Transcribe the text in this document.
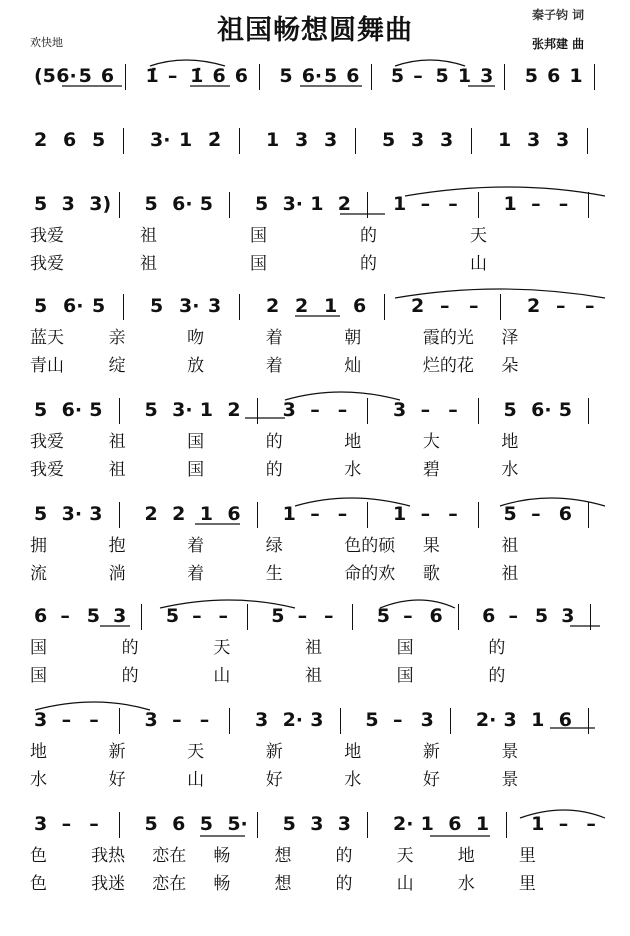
祖国畅想圆舞曲
欢快地
秦子钧 词
张邦建 曲
(5 6· 5 6 1̇ – 1̇ 6 6 5 6· 5 6 5 – 5 1 3 5 6 1
2 6 5 3· 1 2̇ 1 3 3 5 3 3 1 3 3
5 3 3) 5 6· 5 5 3· 1 2 1 – – 1 – –
我爱	祖	国	的	天
我爱	祖	国	的	山
5 6· 5 5 3· 3 2 2 1 6 2 – –	2 – –
蓝天	亲	吻	着	朝	霞的光 泽
青山	绽	放	着	灿	烂的花 朵
5 6· 5 5 3· 1 2 3 – – 3 – – 5 6· 5
我爱	祖	国	的	地	大	地
我爱	祖	国	的	水	碧	水
5 3· 3 2 2 1 6 1 – – 1 – – 5 – 6
拥	抱	着	绿	色的硕 果	祖
流	淌	着	生	命的欢 歌	祖
6 – 5 3 5 – – 5 – – 5 – 6 6 – 5 3
国	的	天	祖	国	的
国	的	山	祖	国	的
3 – – 3 – – 3 2· 3 5 – 3 2· 3 1 6
地	新	天	新	地	新	景
水	好	山	好	水	好	景
3 – – 5 6 5 5· 5 3 3 2· 1 6 1 1 – –
色	我热 恋在 畅	想	的	天	地	里
色	我迷 恋在 畅	想	的	山	水	里
